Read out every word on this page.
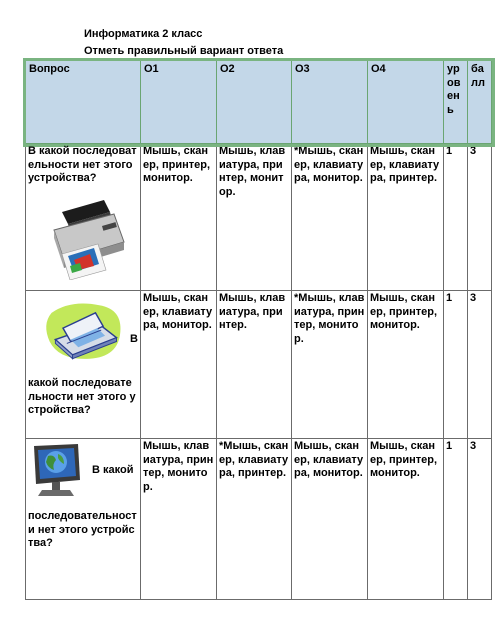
Информатика 2 класс
Отметь правильный вариант ответа
Вопрос	О1	О2	О3	О4	уровень	балл

В какой последовательности нет этого устройства?	Мышь, сканер, принтер, монитор.	Мышь, клавиатура, принтер, монитор.	*Мышь, сканер, клавиатура, монитор.	Мышь, сканер, клавиатура, принтер.	1	3

В
какой последовательности нет этого устройства?	Мышь, сканер, клавиатура, монитор.	Мышь, клавиатура, принтер.	*Мышь, клавиатура, принтер, монитор.	Мышь, сканер, принтер, монитор.	1	3

В какой
последовательности нет этого устройства?	Мышь, клавиатура, принтер, монитор.	*Мышь, сканер, клавиатура, принтер.	Мышь, сканер, клавиатура, монитор.	Мышь, сканер, принтер, монитор.	1	3
